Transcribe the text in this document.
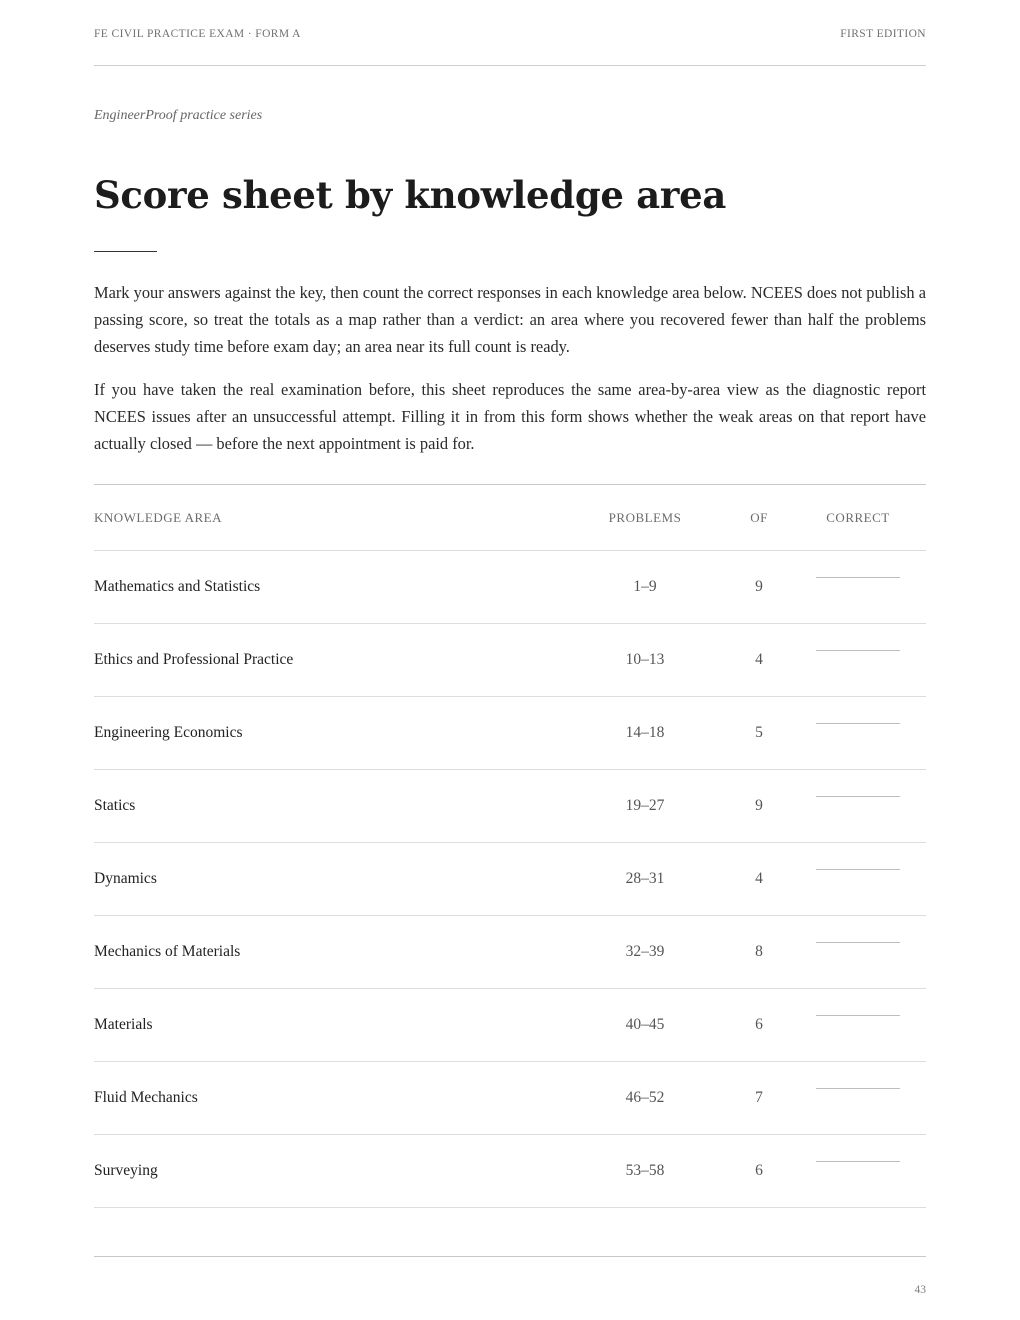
FE CIVIL PRACTICE EXAM · FORM A	FIRST EDITION
EngineerProof practice series
Score sheet by knowledge area

Mark your answers against the key, then count the correct responses in each knowledge area below. NCEES does not publish a passing score, so treat the totals as a map rather than a verdict: an area where you recovered fewer than half the problems deserves study time before exam day; an area near its full count is ready.

If you have taken the real examination before, this sheet reproduces the same area-by-area view as the diagnostic report NCEES issues after an unsuccessful attempt. Filling it in from this form shows whether the weak areas on that report have actually closed — before the next appointment is paid for.

KNOWLEDGE AREA	PROBLEMS	OF	CORRECT
Mathematics and Statistics	1–9	9	

Ethics and Professional Practice	10–13	4	

Engineering Economics	14–18	5	

Statics	19–27	9	

Dynamics	28–31	4	

Mechanics of Materials	32–39	8	

Materials	40–45	6	

Fluid Mechanics	46–52	7	

Surveying	53–58	6	
43
